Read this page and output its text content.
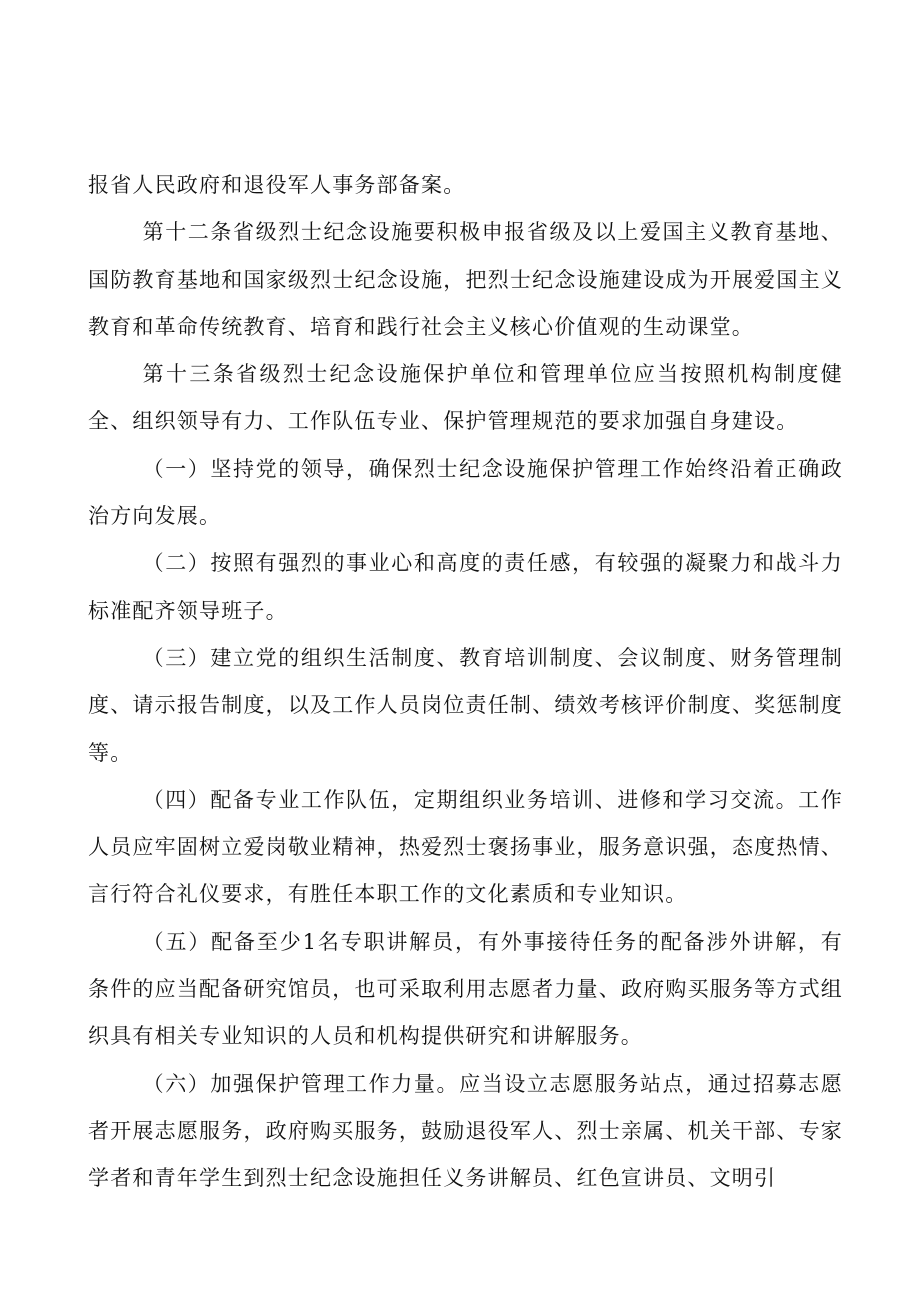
报省人民政府和退役军人事务部备案。

第十二条省级烈士纪念设施要积极申报省级及以上爱国主义教育基地、国防教育基地和国家级烈士纪念设施，把烈士纪念设施建设成为开展爱国主义教育和革命传统教育、培育和践行社会主义核心价值观的生动课堂。

第十三条省级烈士纪念设施保护单位和管理单位应当按照机构制度健全、组织领导有力、工作队伍专业、保护管理规范的要求加强自身建设。

（一）坚持党的领导，确保烈士纪念设施保护管理工作始终沿着正确政治方向发展。

（二）按照有强烈的事业心和高度的责任感，有较强的凝聚力和战斗力标准配齐领导班子。

（三）建立党的组织生活制度、教育培训制度、会议制度、财务管理制度、请示报告制度，以及工作人员岗位责任制、绩效考核评价制度、奖惩制度等。

（四）配备专业工作队伍，定期组织业务培训、进修和学习交流。工作人员应牢固树立爱岗敬业精神，热爱烈士褒扬事业，服务意识强，态度热情、言行符合礼仪要求，有胜任本职工作的文化素质和专业知识。

（五）配备至少1名专职讲解员，有外事接待任务的配备涉外讲解，有条件的应当配备研究馆员，也可采取利用志愿者力量、政府购买服务等方式组织具有相关专业知识的人员和机构提供研究和讲解服务。

（六）加强保护管理工作力量。应当设立志愿服务站点，通过招募志愿者开展志愿服务，政府购买服务，鼓励退役军人、烈士亲属、机关干部、专家学者和青年学生到烈士纪念设施担任义务讲解员、红色宣讲员、文明引
